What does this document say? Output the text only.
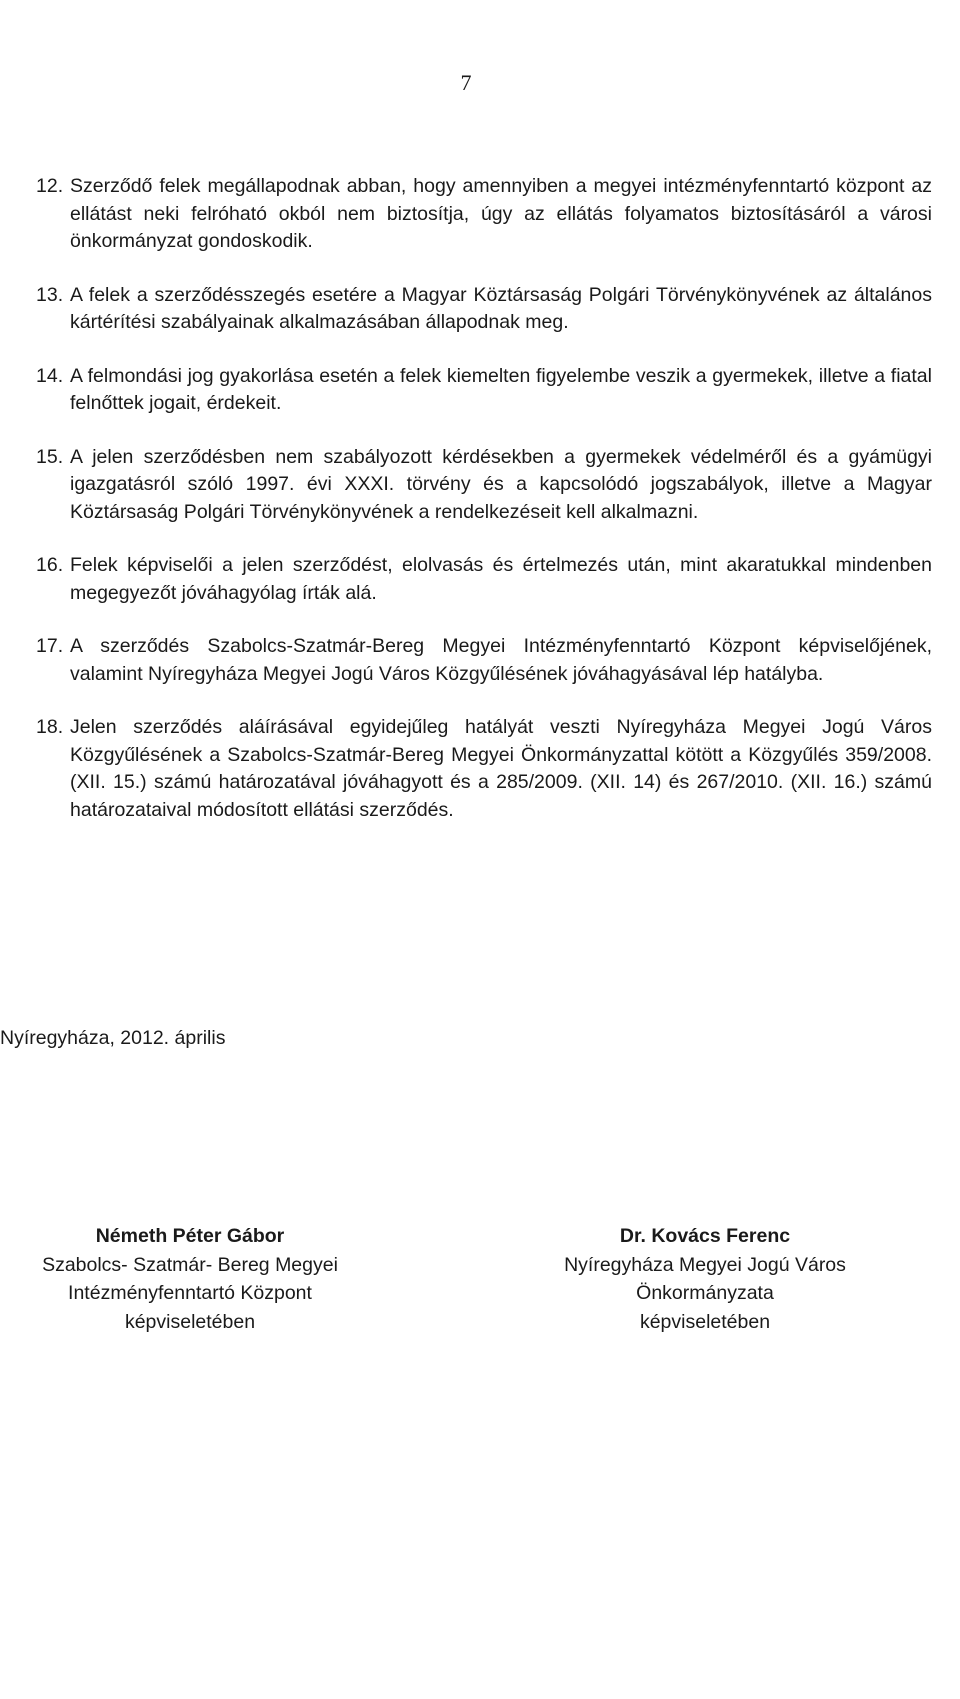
7
12. Szerződő felek megállapodnak abban, hogy amennyiben a megyei intézményfenntartó központ az ellátást neki felróható okból nem biztosítja, úgy az ellátás folyamatos biztosításáról a városi önkormányzat gondoskodik.
13. A felek a szerződésszegés esetére a Magyar Köztársaság Polgári Törvénykönyvének az általános kártérítési szabályainak alkalmazásában állapodnak meg.
14. A felmondási jog gyakorlása esetén a felek kiemelten figyelembe veszik a gyermekek, illetve a fiatal felnőttek jogait, érdekeit.
15. A jelen szerződésben nem szabályozott kérdésekben a gyermekek védelméről és a gyámügyi igazgatásról szóló 1997. évi XXXI. törvény és a kapcsolódó jogszabályok, illetve a Magyar Köztársaság Polgári Törvénykönyvének a rendelkezéseit kell alkalmazni.
16. Felek képviselői a jelen szerződést, elolvasás és értelmezés után, mint akaratukkal mindenben megegyezőt jóváhagyólag írták alá.
17. A szerződés Szabolcs-Szatmár-Bereg Megyei Intézményfenntartó Központ képviselőjének, valamint Nyíregyháza Megyei Jogú Város Közgyűlésének jóváhagyásával lép hatályba.
18. Jelen szerződés aláírásával egyidejűleg hatályát veszti Nyíregyháza Megyei Jogú Város Közgyűlésének a Szabolcs-Szatmár-Bereg Megyei Önkormányzattal kötött a Közgyűlés 359/2008. (XII. 15.) számú határozatával jóváhagyott és a 285/2009. (XII. 14) és 267/2010. (XII. 16.) számú határozataival módosított ellátási szerződés.
Nyíregyháza, 2012. április
Németh Péter Gábor
Szabolcs- Szatmár- Bereg Megyei
Intézményfenntartó Központ
képviseletében
Dr. Kovács Ferenc
Nyíregyháza Megyei Jogú Város
Önkormányzata
képviseletében
